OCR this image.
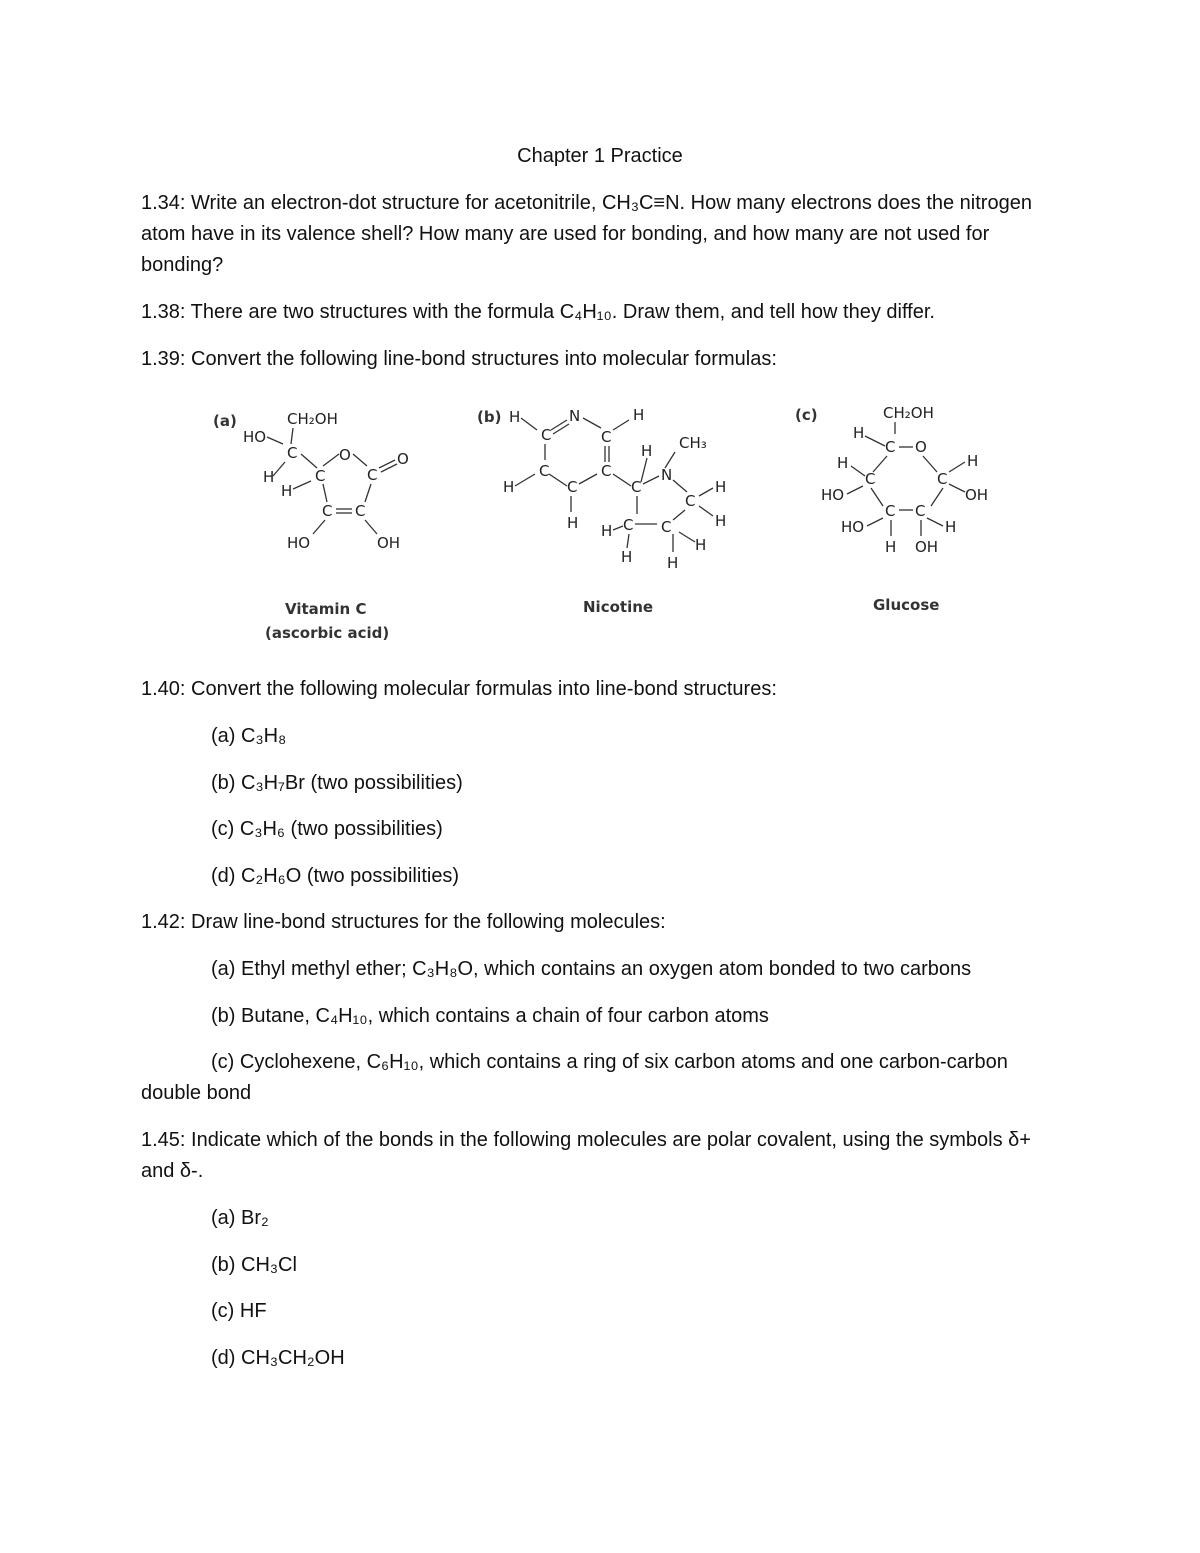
Chapter 1 Practice
1.34: Write an electron-dot structure for acetonitrile, CH₃C≡N. How many electrons does the nitrogen atom have in its valence shell? How many are used for bonding, and how many are not used for bonding?
1.38: There are two structures with the formula C₄H₁₀. Draw them, and tell how they differ.
1.39: Convert the following line-bond structures into molecular formulas:
(a)	CH₂OH
HO
C
H	C
O
C
O
H
C C
HO	OH
Vitamin C
(ascorbic acid)
(b) H
C
N
C
H
H CH₃
C	C	N
H	C	C
C
H
H
H	C
H	C
H
H
H
Nicotine
(c)	CH₂OH
H
C O
H
C	C
H
HO	OH
C C
HO	H
H OH
Glucose
1.40: Convert the following molecular formulas into line-bond structures:
(a) C₃H₈
(b) C₃H₇Br (two possibilities)
(c) C₃H₆ (two possibilities)
(d) C₂H₆O (two possibilities)
1.42: Draw line-bond structures for the following molecules:
(a) Ethyl methyl ether; C₃H₈O, which contains an oxygen atom bonded to two carbons
(b) Butane, C₄H₁₀, which contains a chain of four carbon atoms
(c) Cyclohexene, C₆H₁₀, which contains a ring of six carbon atoms and one carbon-carbon
double bond
1.45: Indicate which of the bonds in the following molecules are polar covalent, using the symbols δ+ and δ-.
(a) Br₂
(b) CH₃Cl
(c) HF
(d) CH₃CH₂OH
